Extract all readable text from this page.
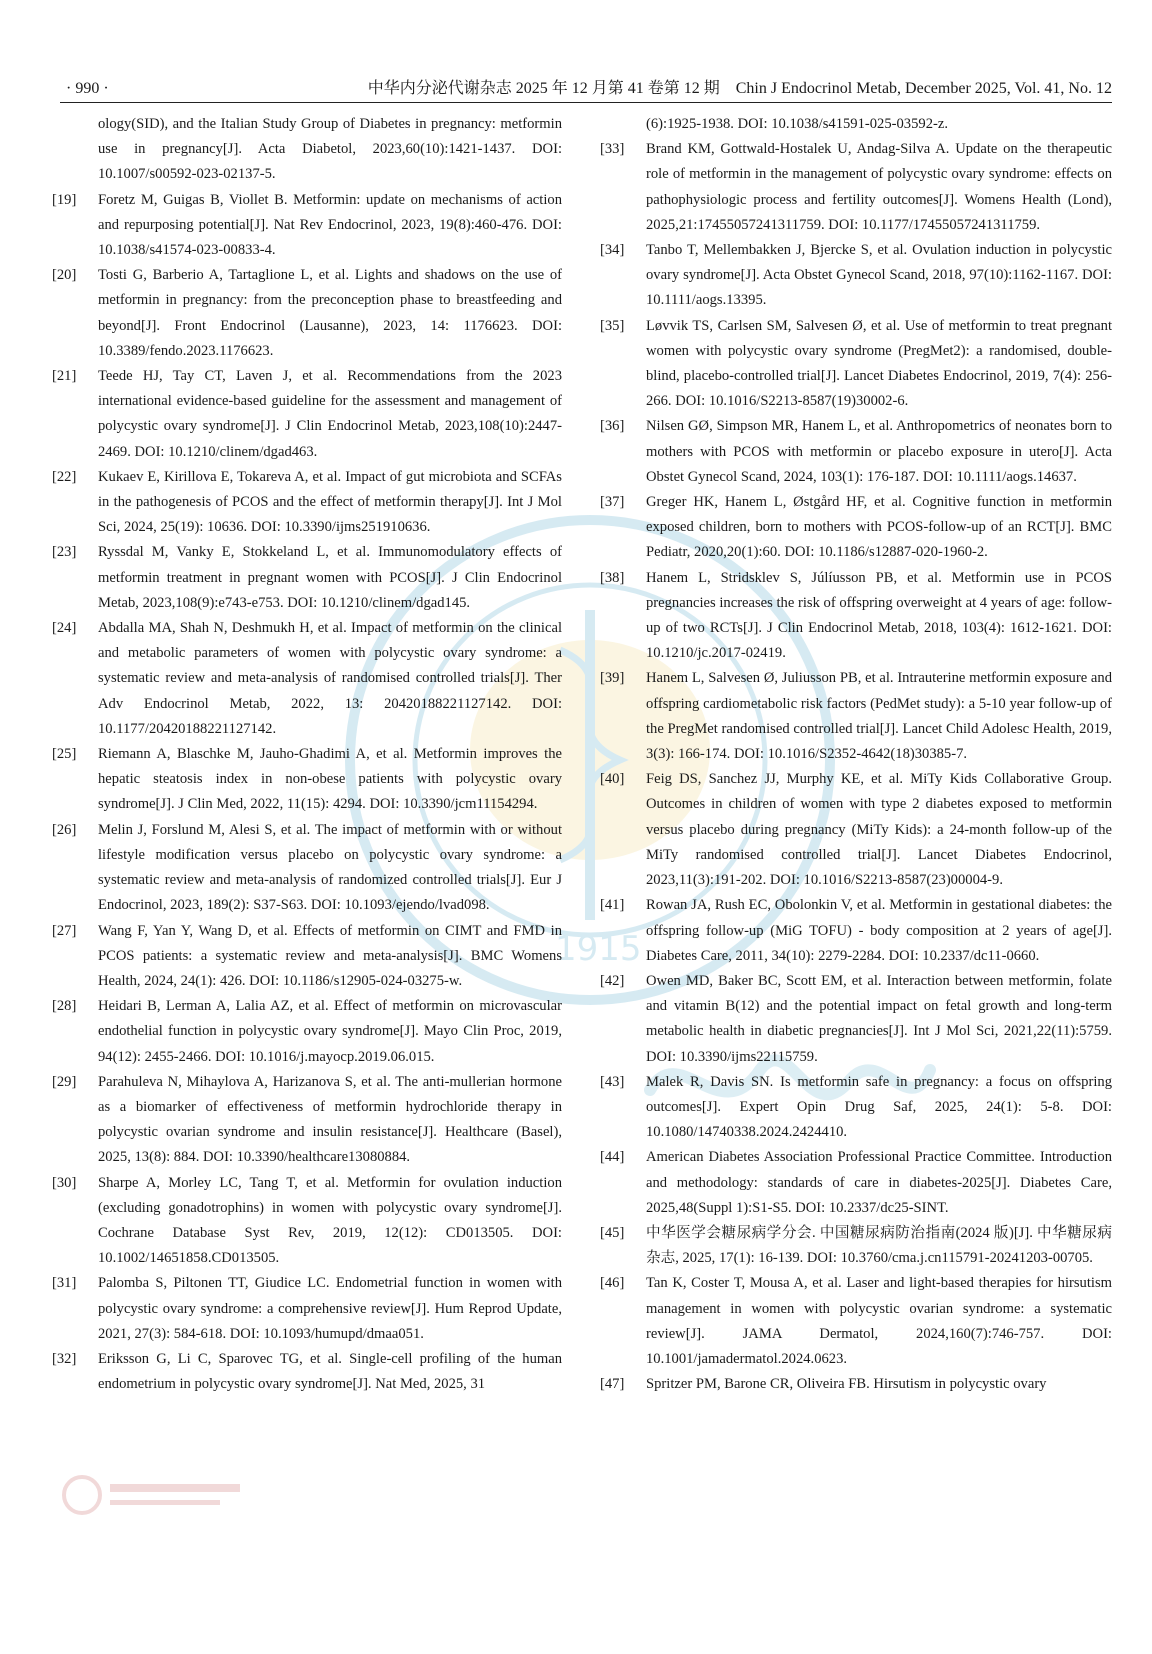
· 990 ·	中华内分泌代谢杂志 2025 年 12 月第 41 卷第 12 期　Chin J Endocrinol Metab, December 2025, Vol. 41, No. 12
1915
ology(SID), and the Italian Study Group of Diabetes in pregnancy: metformin use in pregnancy[J]. Acta Diabetol, 2023,60(10):1421-1437. DOI: 10.1007/s00592-023-02137-5.
[19]	Foretz M, Guigas B, Viollet B. Metformin: update on mechanisms of action and repurposing potential[J]. Nat Rev Endocrinol, 2023, 19(8):460-476. DOI: 10.1038/s41574-023-00833-4.
[20]	Tosti G, Barberio A, Tartaglione L, et al. Lights and shadows on the use of metformin in pregnancy: from the preconception phase to breastfeeding and beyond[J]. Front Endocrinol (Lausanne), 2023, 14: 1176623. DOI: 10.3389/fendo.2023.1176623.
[21]	Teede HJ, Tay CT, Laven J, et al. Recommendations from the 2023 international evidence-based guideline for the assessment and management of polycystic ovary syndrome[J]. J Clin Endocrinol Metab, 2023,108(10):2447-2469. DOI: 10.1210/clinem/dgad463.
[22]	Kukaev E, Kirillova E, Tokareva A, et al. Impact of gut microbiota and SCFAs in the pathogenesis of PCOS and the effect of metformin therapy[J]. Int J Mol Sci, 2024, 25(19): 10636. DOI: 10.3390/ijms251910636.
[23]	Ryssdal M, Vanky E, Stokkeland L, et al. Immunomodulatory effects of metformin treatment in pregnant women with PCOS[J]. J Clin Endocrinol Metab, 2023,108(9):e743-e753. DOI: 10.1210/clinem/dgad145.
[24]	Abdalla MA, Shah N, Deshmukh H, et al. Impact of metformin on the clinical and metabolic parameters of women with polycystic ovary syndrome: a systematic review and meta-analysis of randomised controlled trials[J]. Ther Adv Endocrinol Metab, 2022, 13: 20420188221127142. DOI: 10.1177/20420188221127142.
[25]	Riemann A, Blaschke M, Jauho-Ghadimi A, et al. Metformin improves the hepatic steatosis index in non-obese patients with polycystic ovary syndrome[J]. J Clin Med, 2022, 11(15): 4294. DOI: 10.3390/jcm11154294.
[26]	Melin J, Forslund M, Alesi S, et al. The impact of metformin with or without lifestyle modification versus placebo on polycystic ovary syndrome: a systematic review and meta-analysis of randomized controlled trials[J]. Eur J Endocrinol, 2023, 189(2): S37-S63. DOI: 10.1093/ejendo/lvad098.
[27]	Wang F, Yan Y, Wang D, et al. Effects of metformin on CIMT and FMD in PCOS patients: a systematic review and meta-analysis[J]. BMC Womens Health, 2024, 24(1): 426. DOI: 10.1186/s12905-024-03275-w.
[28]	Heidari B, Lerman A, Lalia AZ, et al. Effect of metformin on microvascular endothelial function in polycystic ovary syndrome[J]. Mayo Clin Proc, 2019, 94(12): 2455-2466. DOI: 10.1016/j.mayocp.2019.06.015.
[29]	Parahuleva N, Mihaylova A, Harizanova S, et al. The anti-mullerian hormone as a biomarker of effectiveness of metformin hydrochloride therapy in polycystic ovarian syndrome and insulin resistance[J]. Healthcare (Basel), 2025, 13(8): 884. DOI: 10.3390/healthcare13080884.
[30]	Sharpe A, Morley LC, Tang T, et al. Metformin for ovulation induction (excluding gonadotrophins) in women with polycystic ovary syndrome[J]. Cochrane Database Syst Rev, 2019, 12(12): CD013505. DOI: 10.1002/14651858.CD013505.
[31]	Palomba S, Piltonen TT, Giudice LC. Endometrial function in women with polycystic ovary syndrome: a comprehensive review[J]. Hum Reprod Update, 2021, 27(3): 584-618. DOI: 10.1093/humupd/dmaa051.
[32]	Eriksson G, Li C, Sparovec TG, et al. Single-cell profiling of the human endometrium in polycystic ovary syndrome[J]. Nat Med, 2025, 31
(6):1925-1938. DOI: 10.1038/s41591-025-03592-z.
[33]	Brand KM, Gottwald-Hostalek U, Andag-Silva A. Update on the therapeutic role of metformin in the management of polycystic ovary syndrome: effects on pathophysiologic process and fertility outcomes[J]. Womens Health (Lond), 2025,21:17455057241311759. DOI: 10.1177/17455057241311759.
[34]	Tanbo T, Mellembakken J, Bjercke S, et al. Ovulation induction in polycystic ovary syndrome[J]. Acta Obstet Gynecol Scand, 2018, 97(10):1162-1167. DOI: 10.1111/aogs.13395.
[35]	Løvvik TS, Carlsen SM, Salvesen Ø, et al. Use of metformin to treat pregnant women with polycystic ovary syndrome (PregMet2): a randomised, double-blind, placebo-controlled trial[J]. Lancet Diabetes Endocrinol, 2019, 7(4): 256-266. DOI: 10.1016/S2213-8587(19)30002-6.
[36]	Nilsen GØ, Simpson MR, Hanem L, et al. Anthropometrics of neonates born to mothers with PCOS with metformin or placebo exposure in utero[J]. Acta Obstet Gynecol Scand, 2024, 103(1): 176-187. DOI: 10.1111/aogs.14637.
[37]	Greger HK, Hanem L, Østgård HF, et al. Cognitive function in metformin exposed children, born to mothers with PCOS-follow-up of an RCT[J]. BMC Pediatr, 2020,20(1):60. DOI: 10.1186/s12887-020-1960-2.
[38]	Hanem L, Stridsklev S, Júlíusson PB, et al. Metformin use in PCOS pregnancies increases the risk of offspring overweight at 4 years of age: follow-up of two RCTs[J]. J Clin Endocrinol Metab, 2018, 103(4): 1612-1621. DOI: 10.1210/jc.2017-02419.
[39]	Hanem L, Salvesen Ø, Juliusson PB, et al. Intrauterine metformin exposure and offspring cardiometabolic risk factors (PedMet study): a 5-10 year follow-up of the PregMet randomised controlled trial[J]. Lancet Child Adolesc Health, 2019, 3(3): 166-174. DOI: 10.1016/S2352-4642(18)30385-7.
[40]	Feig DS, Sanchez JJ, Murphy KE, et al. MiTy Kids Collaborative Group. Outcomes in children of women with type 2 diabetes exposed to metformin versus placebo during pregnancy (MiTy Kids): a 24-month follow-up of the MiTy randomised controlled trial[J]. Lancet Diabetes Endocrinol, 2023,11(3):191-202. DOI: 10.1016/S2213-8587(23)00004-9.
[41]	Rowan JA, Rush EC, Obolonkin V, et al. Metformin in gestational diabetes: the offspring follow-up (MiG TOFU) - body composition at 2 years of age[J]. Diabetes Care, 2011, 34(10): 2279-2284. DOI: 10.2337/dc11-0660.
[42]	Owen MD, Baker BC, Scott EM, et al. Interaction between metformin, folate and vitamin B(12) and the potential impact on fetal growth and long-term metabolic health in diabetic pregnancies[J]. Int J Mol Sci, 2021,22(11):5759. DOI: 10.3390/ijms22115759.
[43]	Malek R, Davis SN. Is metformin safe in pregnancy: a focus on offspring outcomes[J]. Expert Opin Drug Saf, 2025, 24(1): 5-8. DOI: 10.1080/14740338.2024.2424410.
[44]	American Diabetes Association Professional Practice Committee. Introduction and methodology: standards of care in diabetes-2025[J]. Diabetes Care, 2025,48(Suppl 1):S1-S5. DOI: 10.2337/dc25-SINT.
[45]	中华医学会糖尿病学分会. 中国糖尿病防治指南(2024 版)[J]. 中华糖尿病杂志, 2025, 17(1): 16-139. DOI: 10.3760/cma.j.cn115791-20241203-00705.
[46]	Tan K, Coster T, Mousa A, et al. Laser and light-based therapies for hirsutism management in women with polycystic ovarian syndrome: a systematic review[J]. JAMA Dermatol, 2024,160(7):746-757. DOI: 10.1001/jamadermatol.2024.0623.
[47]	Spritzer PM, Barone CR, Oliveira FB. Hirsutism in polycystic ovary
